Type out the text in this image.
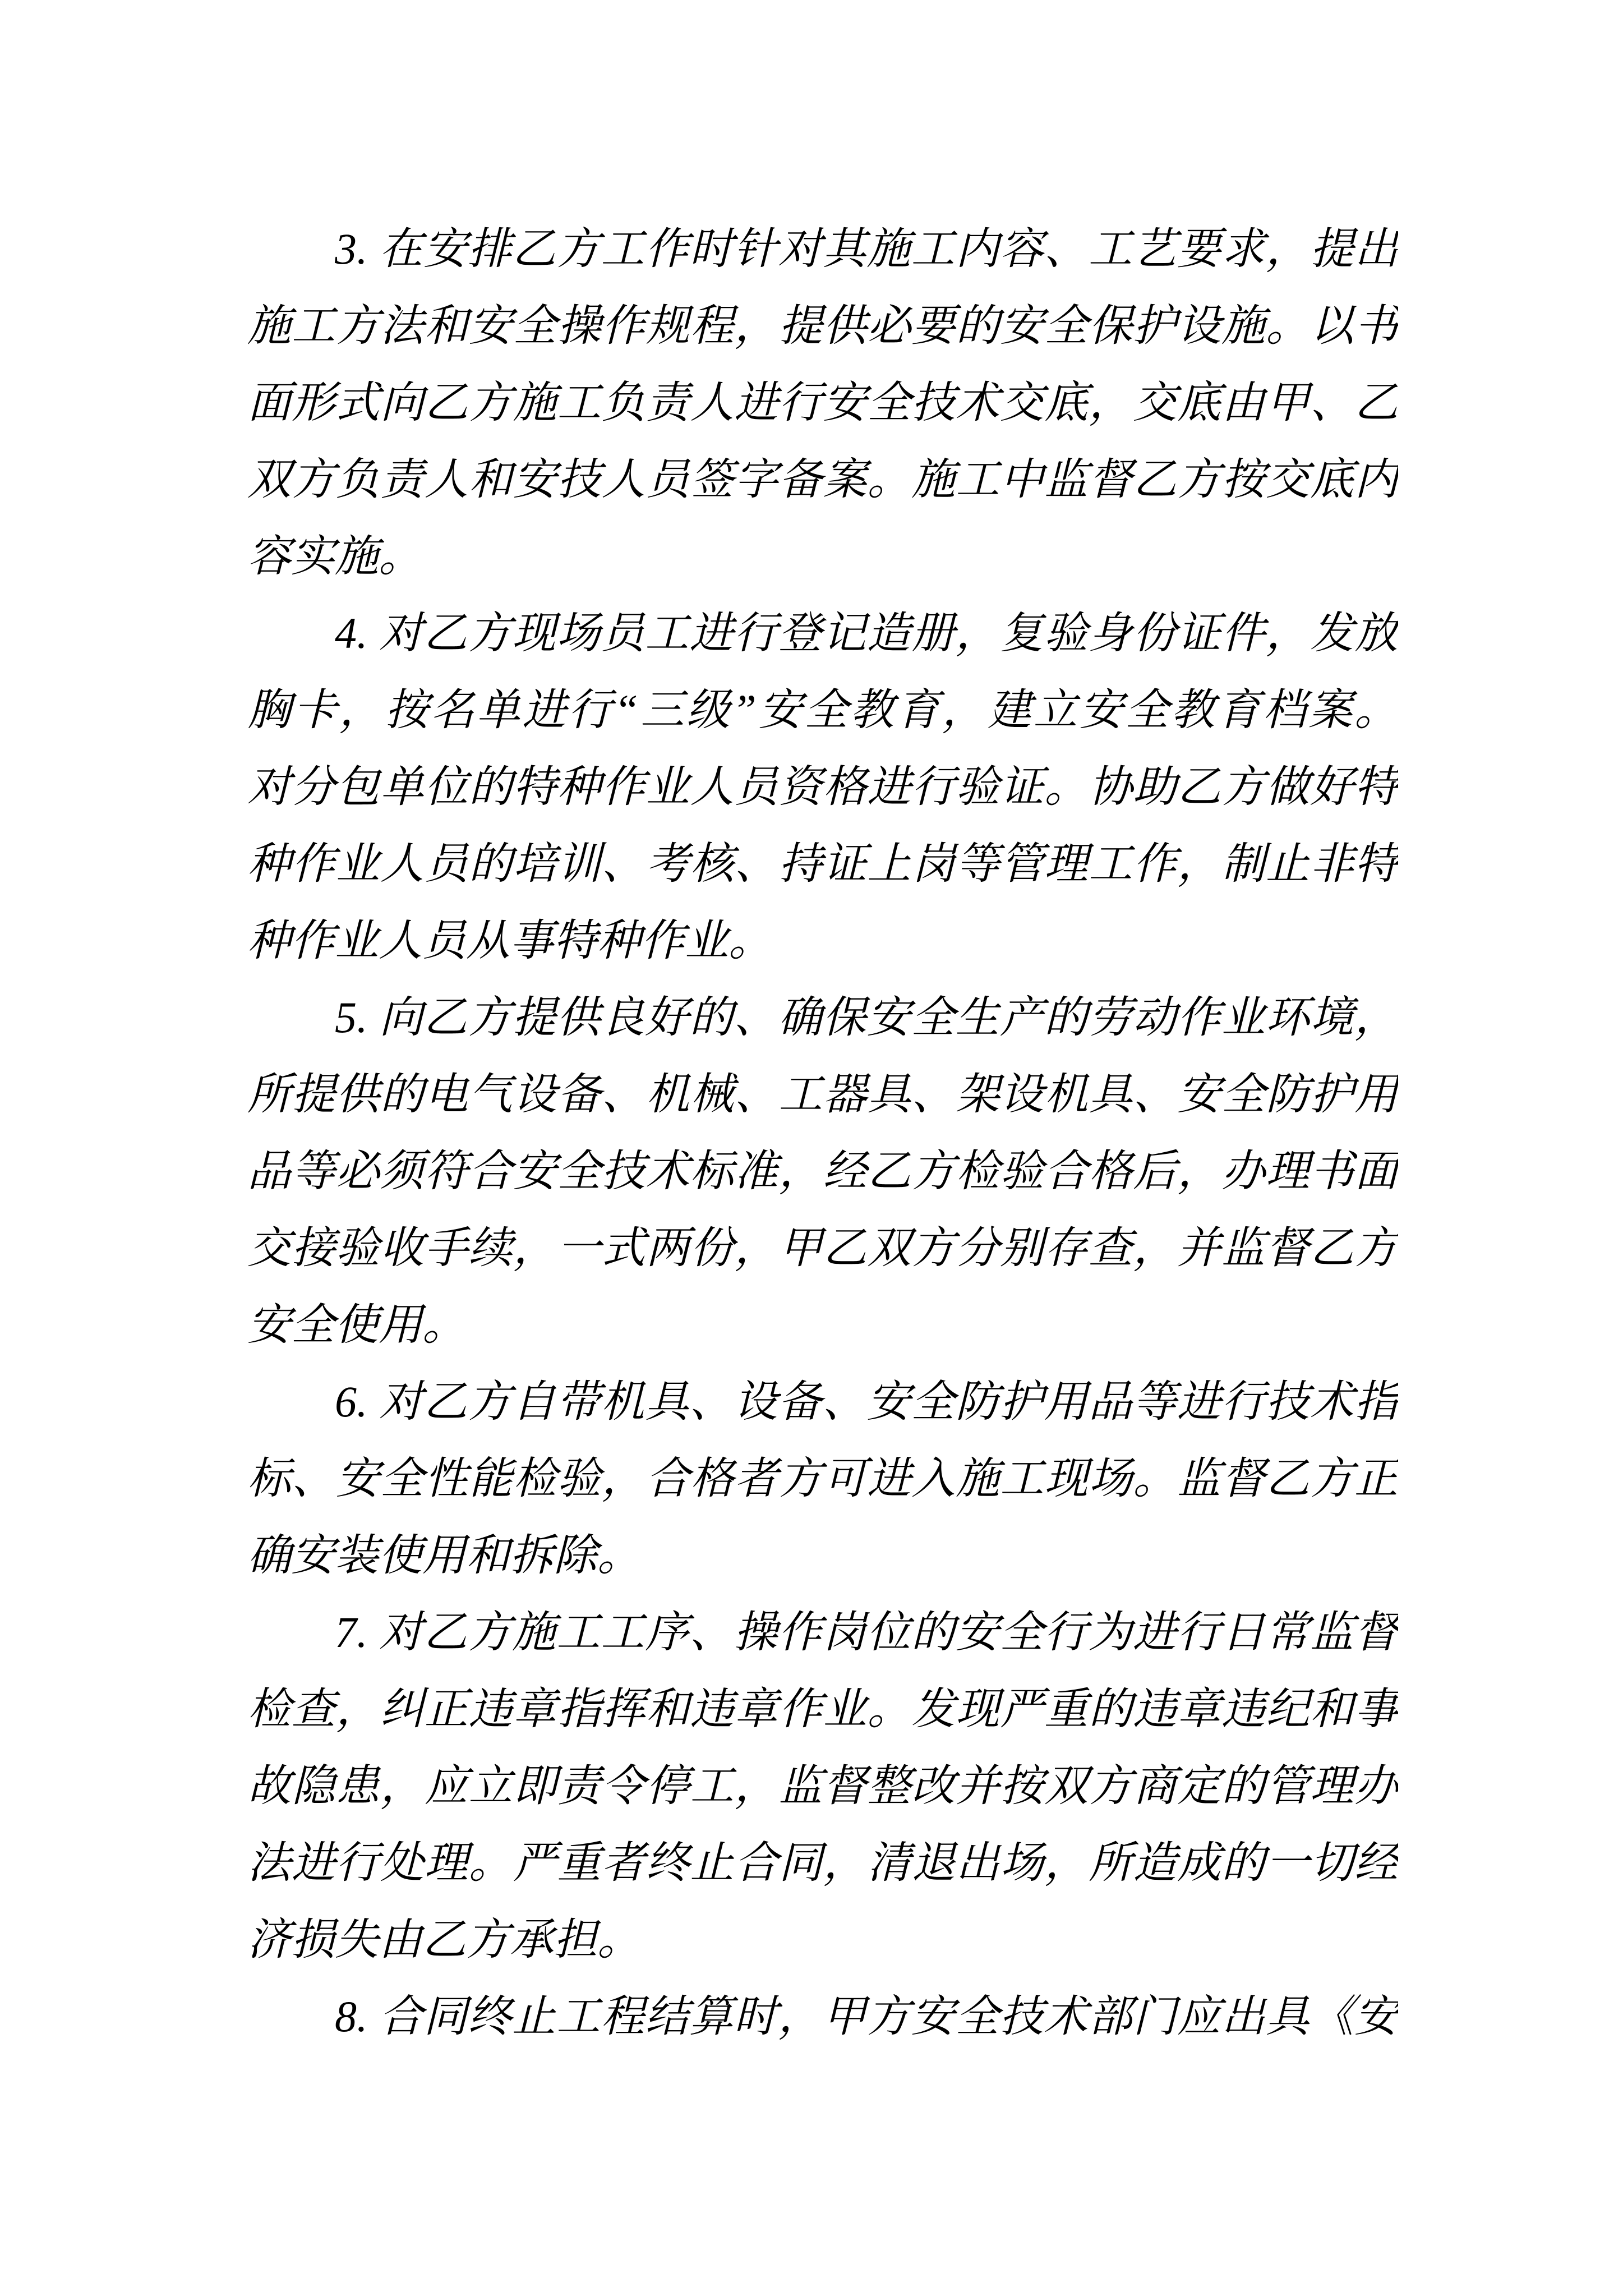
3. 在安排乙方工作时针对其施工内容、工艺要求，提出
施工方法和安全操作规程，提供必要的安全保护设施。以书
面形式向乙方施工负责人进行安全技术交底，交底由甲、乙
双方负责人和安技人员签字备案。施工中监督乙方按交底内
容实施。
4. 对乙方现场员工进行登记造册，复验身份证件，发放
胸卡，按名单进行“三级”安全教育，建立安全教育档案。
对分包单位的特种作业人员资格进行验证。协助乙方做好特
种作业人员的培训、考核、持证上岗等管理工作，制止非特
种作业人员从事特种作业。
5. 向乙方提供良好的、确保安全生产的劳动作业环境，
所提供的电气设备、机械、工器具、架设机具、安全防护用
品等必须符合安全技术标准，经乙方检验合格后，办理书面
交接验收手续，一式两份，甲乙双方分别存查，并监督乙方
安全使用。
6. 对乙方自带机具、设备、安全防护用品等进行技术指
标、安全性能检验，合格者方可进入施工现场。监督乙方正
确安装使用和拆除。
7. 对乙方施工工序、操作岗位的安全行为进行日常监督
检查，纠正违章指挥和违章作业。发现严重的违章违纪和事
故隐患，应立即责令停工，监督整改并按双方商定的管理办
法进行处理。严重者终止合同，清退出场，所造成的一切经
济损失由乙方承担。
8. 合同终止工程结算时，甲方安全技术部门应出具《安
